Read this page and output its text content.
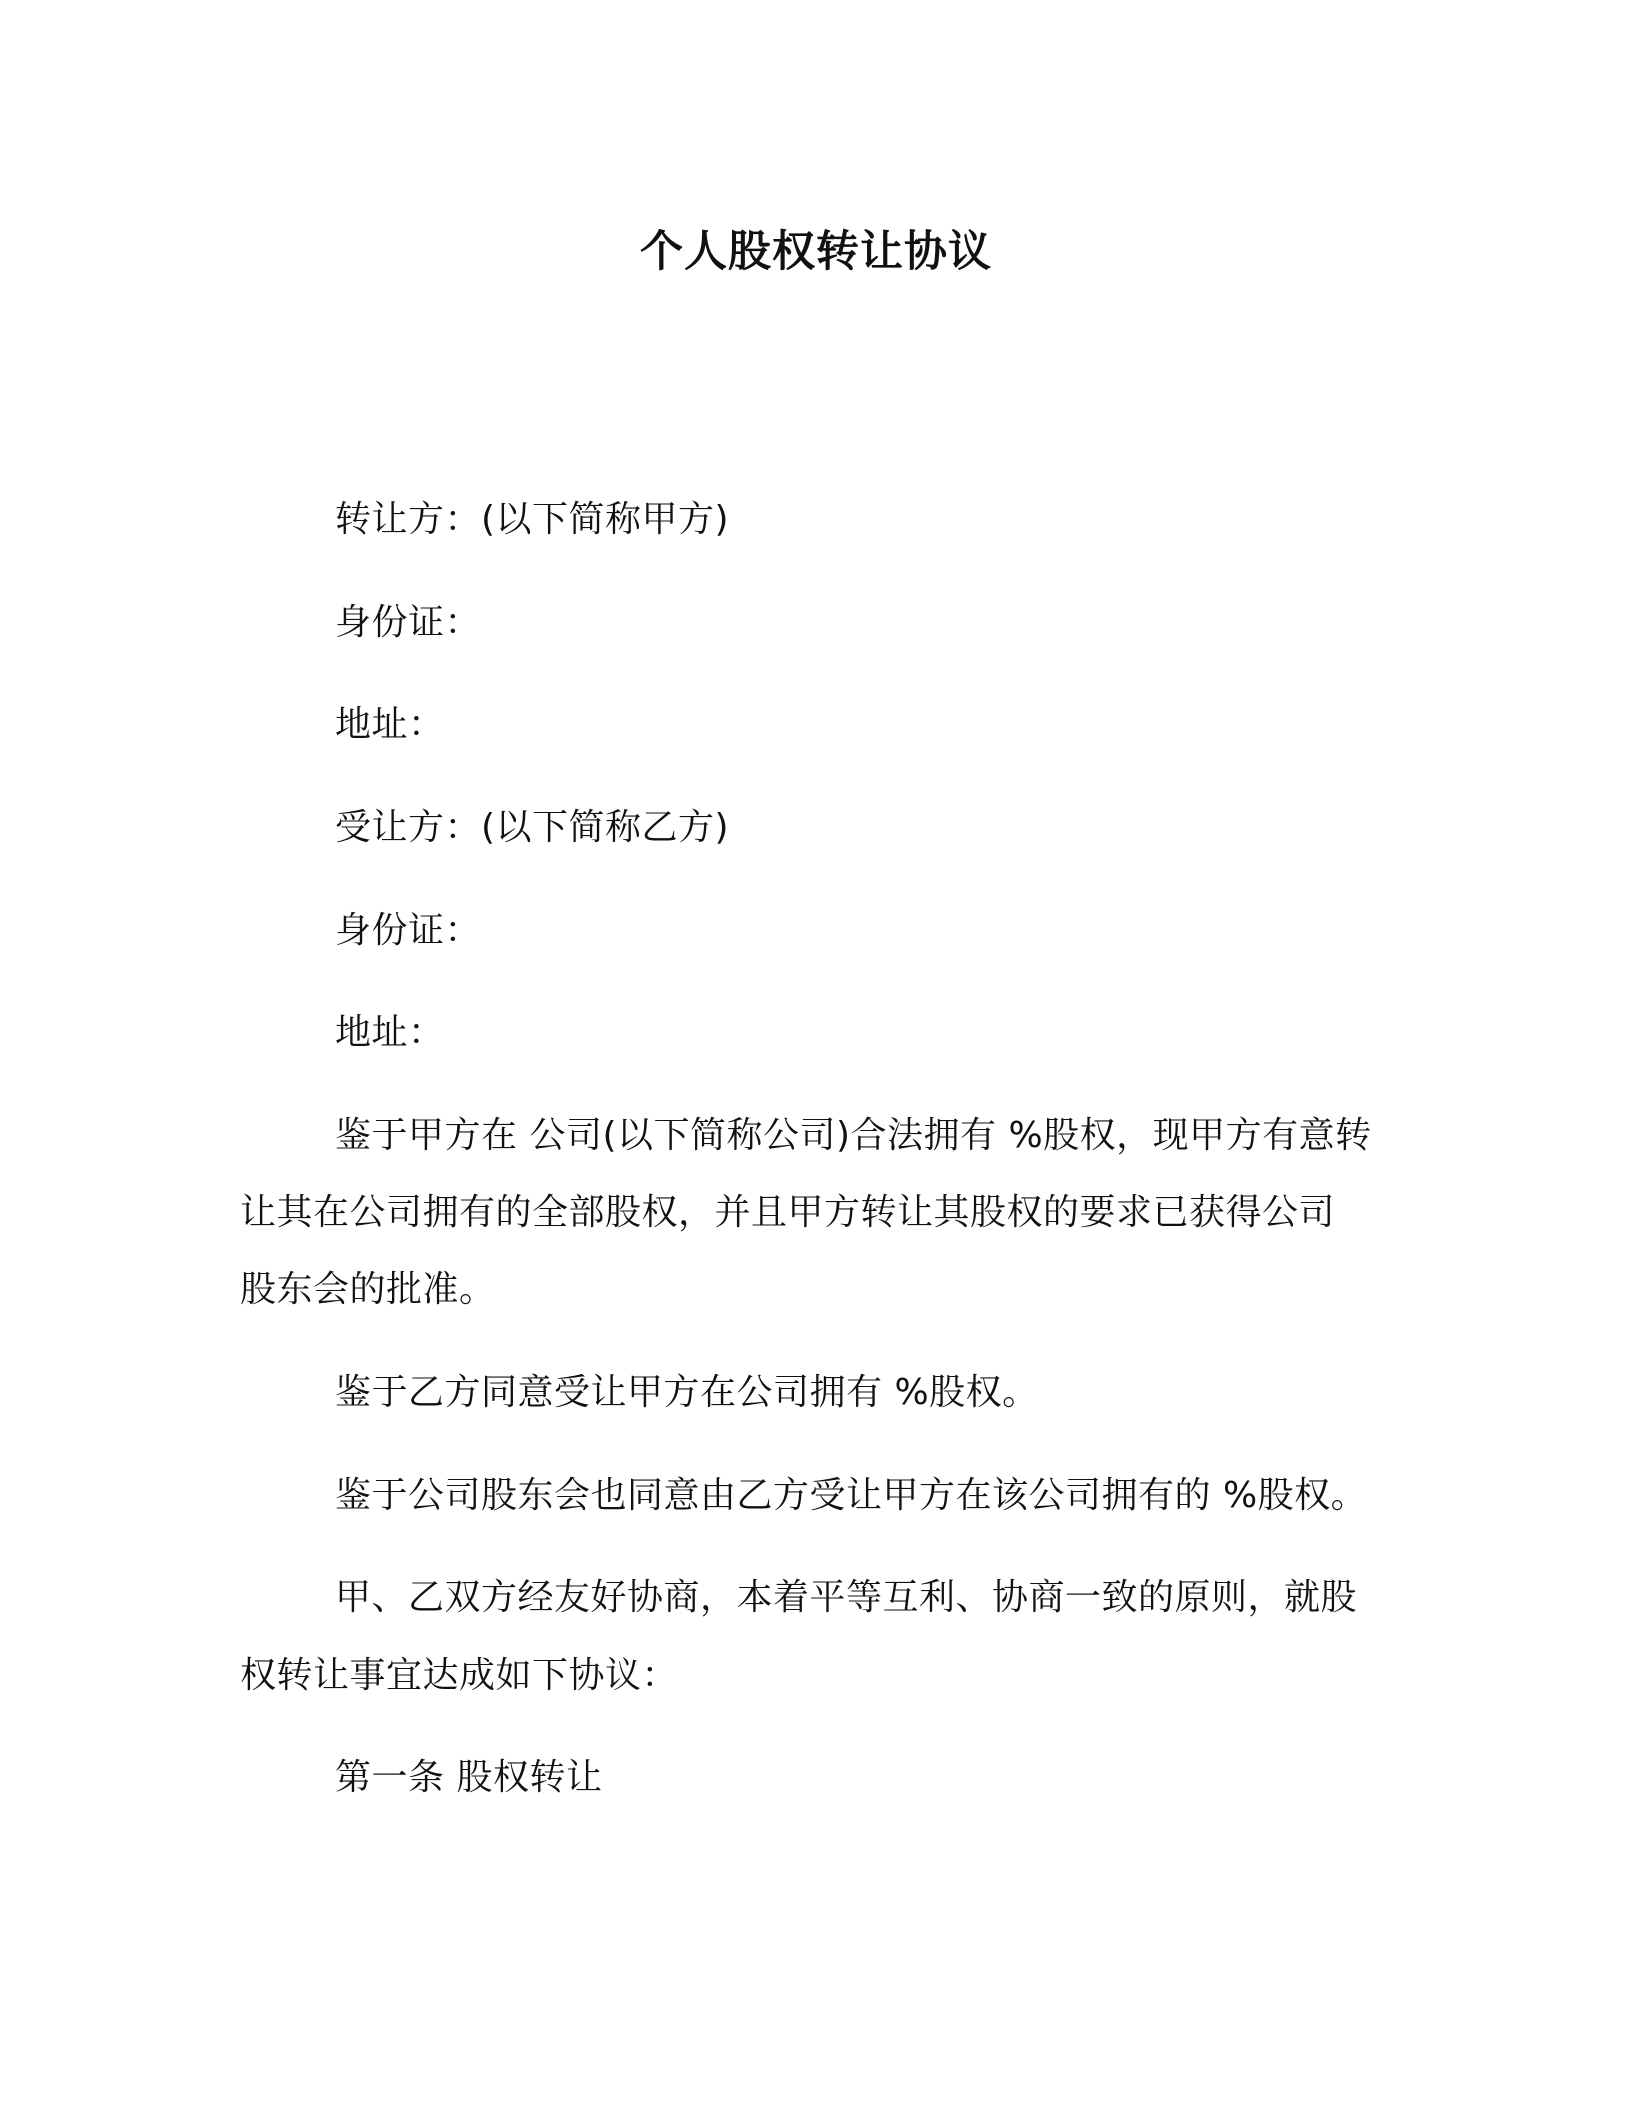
个人股权转让协议
转让方：(以下简称甲方)
身份证：
地址：
受让方：(以下简称乙方)
身份证：
地址：
鉴于甲方在 公司(以下简称公司)合法拥有 %股权，现甲方有意转
让其在公司拥有的全部股权，并且甲方转让其股权的要求已获得公司
股东会的批准。
鉴于乙方同意受让甲方在公司拥有 %股权。
鉴于公司股东会也同意由乙方受让甲方在该公司拥有的 %股权。
甲、乙双方经友好协商，本着平等互利、协商一致的原则，就股
权转让事宜达成如下协议：
第一条 股权转让
